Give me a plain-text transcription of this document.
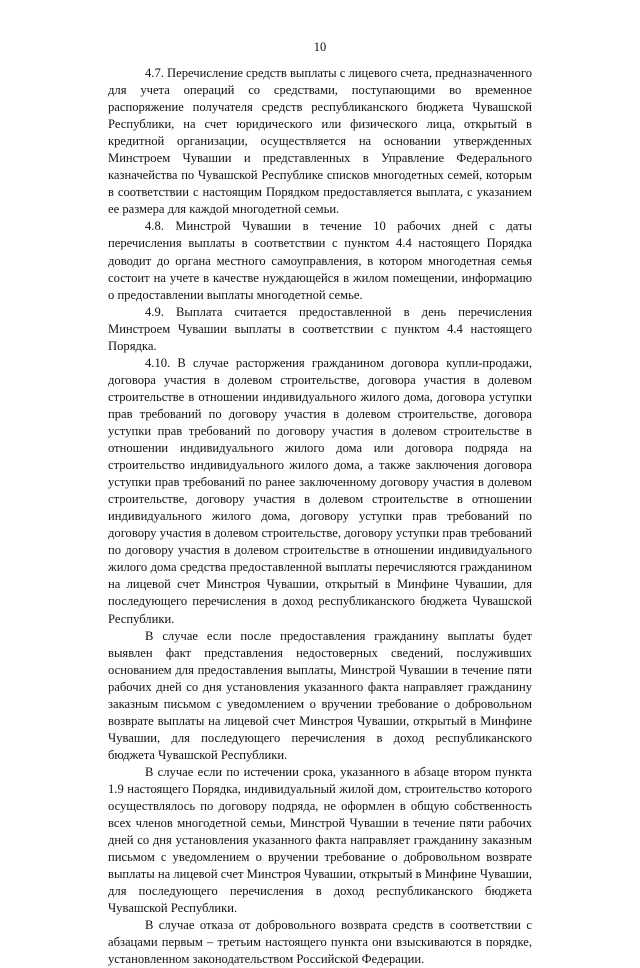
10

4.7. Перечисление средств выплаты с лицевого счета, предназначенного для учета операций со средствами, поступающими во временное распоряжение получателя средств республиканского бюджета Чувашской Республики, на счет юридического или физического лица, открытый в кредитной организации, осуществляется на основании утвержденных Минстроем Чувашии и представленных в Управление Федерального казначейства по Чувашской Республике списков многодетных семей, которым в соответствии с настоящим Порядком предоставляется выплата, с указанием ее размера для каждой многодетной семьи.

4.8. Минстрой Чувашии в течение 10 рабочих дней с даты перечисления выплаты в соответствии с пунктом 4.4 настоящего Порядка доводит до органа местного самоуправления, в котором многодетная семья состоит на учете в качестве нуждающейся в жилом помещении, информацию о предоставлении выплаты многодетной семье.

4.9. Выплата считается предоставленной в день перечисления Минстроем Чувашии выплаты в соответствии с пунктом 4.4 настоящего Порядка.

4.10. В случае расторжения гражданином договора купли-продажи, договора участия в долевом строительстве, договора участия в долевом строительстве в отношении индивидуального жилого дома, договора уступки прав требований по договору участия в долевом строительстве, договора уступки прав требований по договору участия в долевом строительстве в отношении индивидуального жилого дома или договора подряда на строительство индивидуального жилого дома, а также заключения договора уступки прав требований по ранее заключенному договору участия в долевом строительстве, договору участия в долевом строительстве в отношении индивидуального жилого дома, договору уступки прав требований по договору участия в долевом строительстве, договору уступки прав требований по договору участия в долевом строительстве в отношении индивидуального жилого дома средства предоставленной выплаты перечисляются гражданином на лицевой счет Минстроя Чувашии, открытый в Минфине Чувашии, для последующего перечисления в доход республиканского бюджета Чувашской Республики.

В случае если после предоставления гражданину выплаты будет выявлен факт представления недостоверных сведений, послуживших основанием для предоставления выплаты, Минстрой Чувашии в течение пяти рабочих дней со дня установления указанного факта направляет гражданину заказным письмом с уведомлением о вручении требование о добровольном возврате выплаты на лицевой счет Минстроя Чувашии, открытый в Минфине Чувашии, для последующего перечисления в доход республиканского бюджета Чувашской Республики.

В случае если по истечении срока, указанного в абзаце втором пункта 1.9 настоящего Порядка, индивидуальный жилой дом, строительство которого осуществлялось по договору подряда, не оформлен в общую собственность всех членов многодетной семьи, Минстрой Чувашии в течение пяти рабочих дней со дня установления указанного факта направляет гражданину заказным письмом с уведомлением о вручении требование о добровольном возврате выплаты на лицевой счет Минстроя Чувашии, открытый в Минфине Чувашии, для последующего перечисления в доход республиканского бюджета Чувашской Республики.

В случае отказа от добровольного возврата средств в соответствии с абзацами первым – третьим настоящего пункта они взыскиваются в порядке, установленном законодательством Российской Федерации.
